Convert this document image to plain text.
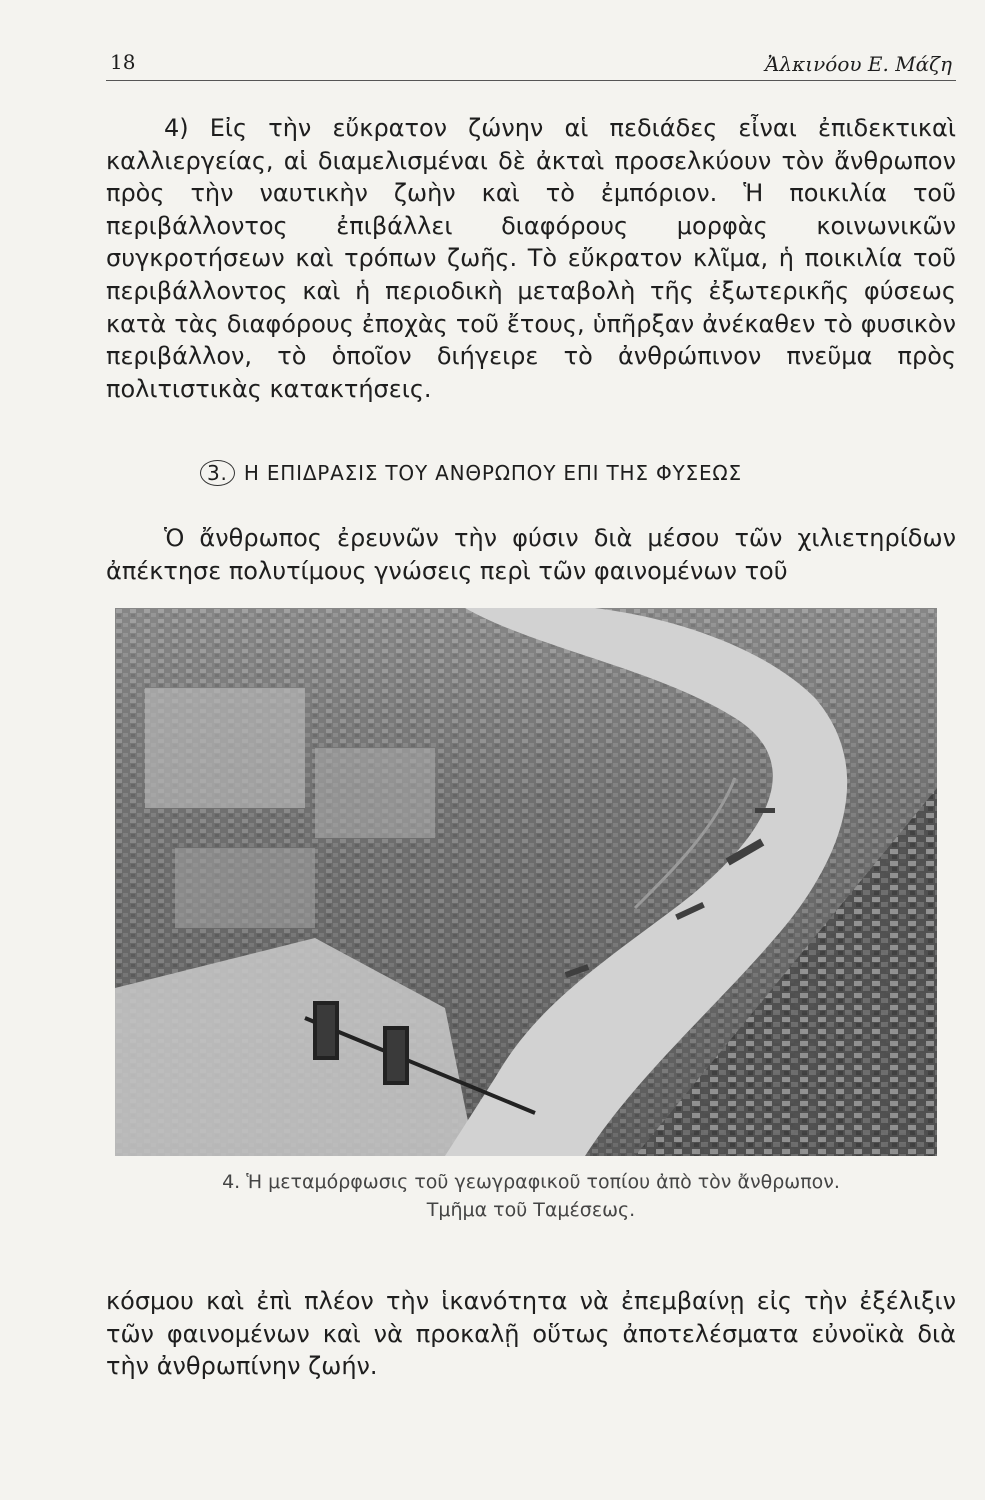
18	Ἀλκινόου Ε. Μάζη

4) Εἰς τὴν εὔκρατον ζώνην αἱ πεδιάδες εἶναι ἐπιδεκτικαὶ καλλιεργείας, αἱ διαμελισμέναι δὲ ἀκταὶ προσελκύουν τὸν ἄνθρωπον πρὸς τὴν ναυτικὴν ζωὴν καὶ τὸ ἐμπόριον. Ἡ ποικιλία τοῦ περιβάλλοντος ἐπιβάλλει διαφόρους μορφὰς κοινωνικῶν συγκροτήσεων καὶ τρόπων ζωῆς. Τὸ εὔκρατον κλῖμα, ἡ ποικιλία τοῦ περιβάλλοντος καὶ ἡ περιοδικὴ μεταβολὴ τῆς ἐξωτερικῆς φύσεως κατὰ τὰς διαφόρους ἐποχὰς τοῦ ἔτους, ὑπῆρξαν ἀνέκαθεν τὸ φυσικὸν περιβάλλον, τὸ ὁποῖον διήγειρε τὸ ἀνθρώπινον πνεῦμα πρὸς πολιτιστικὰς κατακτήσεις.

3. Η ΕΠΙΔΡΑΣΙΣ ΤΟΥ ΑΝΘΡΩΠΟΥ ΕΠΙ ΤΗΣ ΦΥΣΕΩΣ

Ὁ ἄνθρωπος ἐρευνῶν τὴν φύσιν διὰ μέσου τῶν χιλιετηρίδων ἀπέκτησε πολυτίμους γνώσεις περὶ τῶν φαινομένων τοῦ

4. Ἡ μεταμόρφωσις τοῦ γεωγραφικοῦ τοπίου ἀπὸ τὸν ἄνθρωπον.
Τμῆμα τοῦ Ταμέσεως.

κόσμου καὶ ἐπὶ πλέον τὴν ἱκανότητα νὰ ἐπεμβαίνῃ εἰς τὴν ἐξέλιξιν τῶν φαινομένων καὶ νὰ προκαλῇ οὕτως ἀποτελέσματα εὐνοϊκὰ διὰ τὴν ἀνθρωπίνην ζωήν.
